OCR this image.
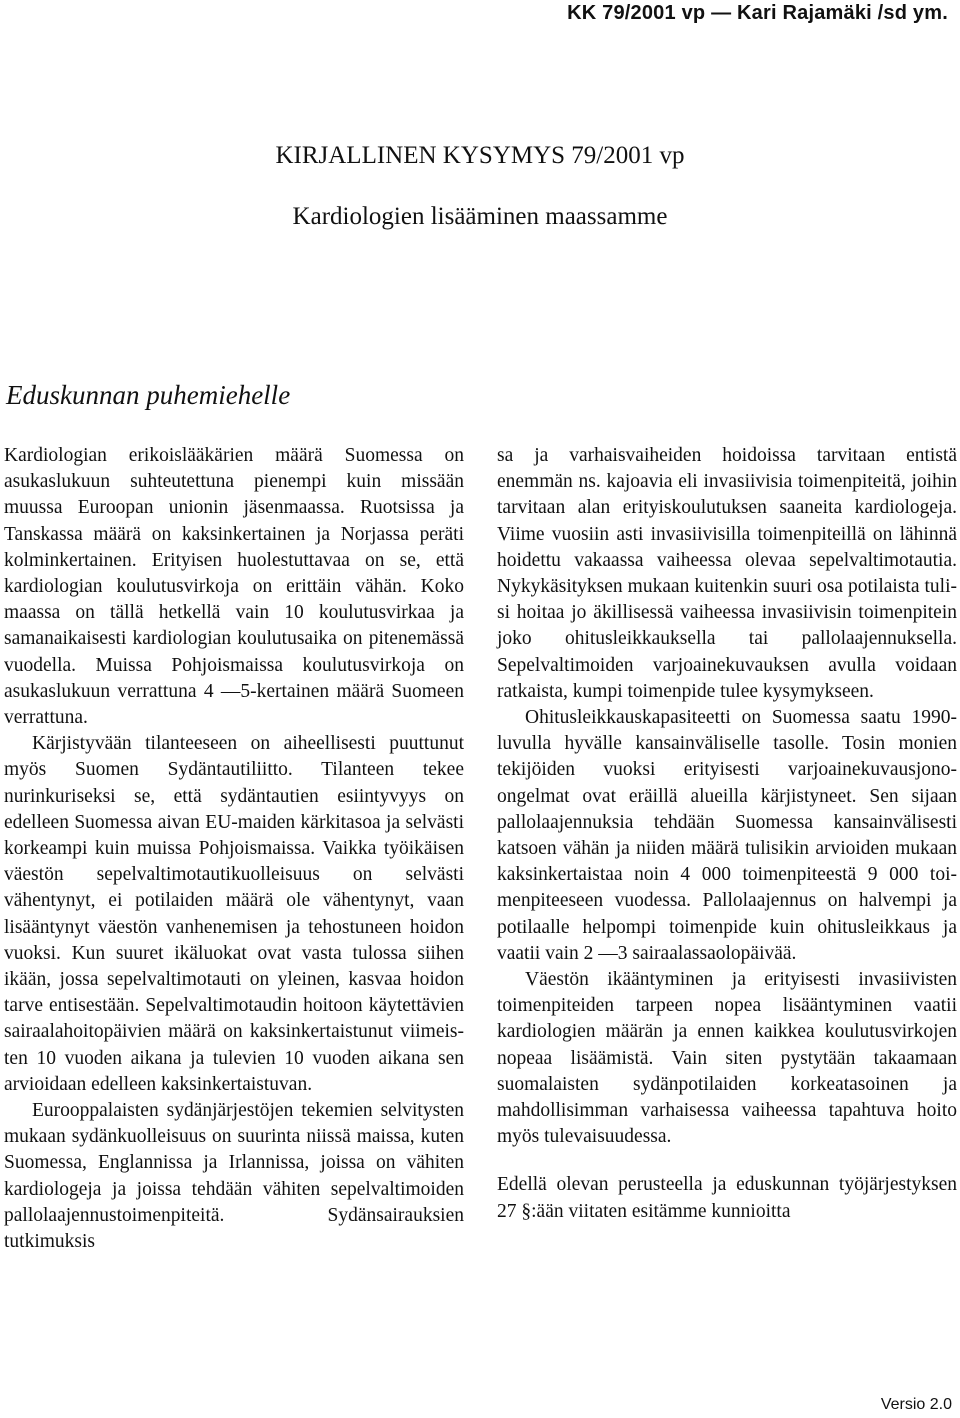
KK 79/2001 vp — Kari Rajamäki /sd ym.
KIRJALLINEN KYSYMYS 79/2001 vp
Kardiologien lisääminen maassamme
Eduskunnan puhemiehelle

Kardiologian erikoislääkärien määrä Suomessa on asukaslukuun suhteutettuna pienempi kuin missään muussa Euroopan unionin jäsenmaassa. Ruotsissa ja Tanskassa määrä on kaksinkertainen ja Norjassa peräti kolminkertainen. Erityisen huolestuttavaa on se, että kardiologian koulutusvirkoja on erittäin vähän. Koko maassa on tällä hetkellä vain 10 koulutusvirkaa ja samanaikaisesti kardiologian koulutusaika on pitenemässä vuodella. Muissa Pohjoismaissa koulutusvirkoja on asukaslukuun verrattuna 4 —5-kertainen määrä Suomeen verrattuna.

Kärjistyvään tilanteeseen on aiheellisesti puuttunut myös Suomen Sydäntautiliitto. Tilanteen tekee nurinkuriseksi se, että sydäntautien esiintyvyys on edelleen Suomessa aivan EU-maiden kärkitasoa ja selvästi korkeampi kuin muissa Pohjoismaissa. Vaikka työikäisen väestön sepelvaltimotautikuolleisuus on selvästi vähentynyt, ei potilaiden määrä ole vähentynyt, vaan lisääntynyt väestön vanhenemisen ja tehostuneen hoidon vuoksi. Kun suuret ikäluokat ovat vasta tulossa siihen ikään, jossa sepelvaltimotauti on yleinen, kasvaa hoidon tarve entisestään. Sepelvaltimotaudin hoitoon käytettävien sairaalahoitopäivien määrä on kaksinkertaistunut viimeisten 10 vuoden aikana ja tulevien 10 vuoden aikana sen arvioidaan edelleen kaksinkertaistuvan.

Eurooppalaisten sydänjärjestöjen tekemien selvitysten mukaan sydänkuolleisuus on suurinta niissä maissa, kuten Suomessa, Englannissa ja Irlannissa, joissa on vähiten kardiologeja ja joissa tehdään vähiten sepelvaltimoiden pallolaajennustoimenpiteitä. Sydänsairauksien tutkimuksis

sa ja varhaisvaiheiden hoidoissa tarvitaan entistä enemmän ns. kajoavia eli invasiivisia toimenpiteitä, joihin tarvitaan alan erityiskoulutuksen saaneita kardiologeja. Viime vuosiin asti invasiivisilla toimenpiteillä on lähinnä hoidettu vakaassa vaiheessa olevaa sepelvaltimotautia. Nykykäsityksen mukaan kuitenkin suuri osa potilaista tulisi hoitaa jo äkillisessä vaiheessa invasiivisin toimenpitein joko ohitusleikkauksella tai pallolaajennuksella. Sepelvaltimoiden varjoainekuvauksen avulla voidaan ratkaista, kumpi toimenpide tulee kysymykseen.

Ohitusleikkauskapasiteetti on Suomessa saatu 1990-luvulla hyvälle kansainväliselle tasolle. Tosin monien tekijöiden vuoksi erityisesti varjoainekuvausjono-ongelmat ovat eräillä alueilla kärjistyneet. Sen sijaan pallolaajennuksia tehdään Suomessa kansainvälisesti katsoen vähän ja niiden määrä tulisikin arvioiden mukaan kaksinkertaistaa noin 4 000 toimenpiteestä 9 000 toimenpiteeseen vuodessa. Pallolaajennus on halvempi ja potilaalle helpompi toimenpide kuin ohitusleikkaus ja vaatii vain 2 —3 sairaalassaolopäivää.

Väestön ikääntyminen ja erityisesti invasiivisten toimenpiteiden tarpeen nopea lisääntyminen vaatii kardiologien määrän ja ennen kaikkea koulutusvirkojen nopeaa lisäämistä. Vain siten pystytään takaamaan suomalaisten sydänpotilaiden korkeatasoinen ja mahdollisimman varhaisessa vaiheessa tapahtuva hoito myös tulevaisuudessa.

Edellä olevan perusteella ja eduskunnan työjärjestyksen 27 §:ään viitaten esitämme kunnioitta

Versio 2.0
